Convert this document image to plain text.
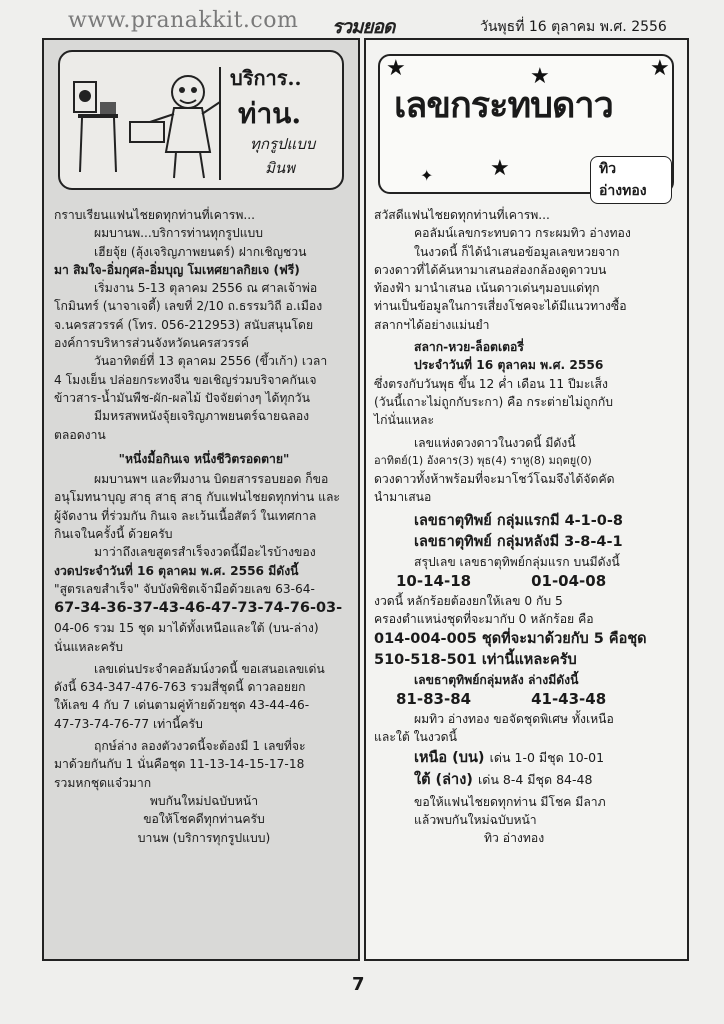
www.pranakkit.com รวมยอด	วันพุธที่ 16 ตุลาคม พ.ศ. 2556
บริการ..
ท่าน.
ทุกรูปแบบ
มินพ

กราบเรียนแฟนไชยดทุกท่านที่เคารพ...

ผมบานพ...บริการท่านทุกรูปแบบ

เฮียจุ้ย (ลุ้งเจริญภาพยนตร์) ฝากเชิญชวน

มา สิมใจ-อิ่มกุศล-อิ่มบุญ โมเหศยาลกิยเจ (ฟรี)

เริ่มงาน 5-13 ตุลาคม 2556 ณ ศาลเจ้าพ่อ

โกมินทร์ (นาจาเจดี้) เลขที่ 2/10 ถ.ธรรมวิถี อ.เมือง

จ.นครสวรรค์ (โทร. 056-212953) สนับสนุนโดย

องค์การบริหารส่วนจังหวัดนครสวรรค์

วันอาทิตย์ที่ 13 ตุลาคม 2556 (ขึ้วเก้า) เวลา

4 โมงเย็น ปล่อยกระทงจีน ขอเชิญร่วมบริจาคกันเจ

ข้าวสาร-น้ำมันพืช-ผัก-ผลไม้ ปัจจัยต่างๆ ได้ทุกวัน

มีมหรสพหนังจุ้ยเจริญภาพยนตร์ฉายฉลอง

ตลอดงาน

"หนึ่งมื้อกินเจ หนึ่งชีวิตรอดตาย"

ผมบานพฯ และทีมงาน บิดยสารรอบยอด ก็ขอ

อนุโมทนาบุญ สาธุ สาธุ สาธุ กับแฟนไชยดทุกท่าน และ

ผู้จัดงาน ที่ร่วมกัน กินเจ ละเว้นเนื้อสัตว์ ในเทศกาล

กินเจในครั้งนี้ ด้วยครับ

มาว่าถึงเลขสูตรสำเร็จงวดนี้มีอะไรบ้างของ

งวดประจำวันที่ 16 ตุลาคม พ.ศ. 2556 มีดังนี้

"สูตรเลขสำเร็จ" จับบังพิชิตเจ้ามือด้วยเลข 63-64-

67-34-36-37-43-46-47-73-74-76-03-

04-06 รวม 15 ชุด มาได้ทั้งเหนือและใต้ (บน-ล่าง)

นั่นแหละครับ

เลขเด่นประจำคอลัมน์งวดนี้ ขอเสนอเลขเด่น

ดังนี้ 634-347-476-763 รวมสี่ชุดนี้ ดาวลอยยก

ให้เลข 4 กับ 7 เด่นตามคู่ท้ายด้วยชุด 43-44-46-

47-73-74-76-77 เท่านี้ครับ

ฤกษ์ล่าง ลองตัวงวดนี้จะต้องมี 1 เลขที่จะ

มาด้วยกันกับ 1 นั่นคือชุด 11-13-14-15-17-18

รวมหกชุดแจ๋วมาก

พบกันใหม่ปฉบับหน้า

ขอให้โชคดีทุกท่านครับ

บานพ (บริการทุกรูปแบบ)

★	★	★
★
✦
เลขกระทบดาว
ทิว อ่างทอง

สวัสดีแฟนไชยดทุกท่านที่เคารพ...

คอลัมน์เลขกระทบดาว กระผมทิว อ่างทอง

ในงวดนี้ ก็ได้นำเสนอข้อมูลเลขหวยจาก

ดวงดาวที่ได้ค้นหามาเสนอส่องกล้องดูดาวบน

ท้องฟ้า มานำเสนอ เน้นดาวเด่นๆมอบแด่ทุก

ท่านเป็นข้อมูลในการเสี่ยงโชคจะได้มีแนวทางซื้อ

สลากฯได้อย่างแม่นยำ

สลาก-หวย-ล็อตเตอรี่

ประจำวันที่ 16 ตุลาคม พ.ศ. 2556

ซึ่งตรงกับวันพุธ ขึ้น 12 ค่ำ เดือน 11 ปีมะเส็ง

(วันนี้เถาะไม่ถูกกับระกา) คือ กระต่ายไม่ถูกกับ

ไก่นั่นแหละ

เลขแห่งดวงดาวในงวดนี้ มีดังนี้

อาทิตย์(1) อังคาร(3) พุธ(4) ราหู(8) มฤตยู(0)

ดวงดาวทั้งห้าพร้อมที่จะมาโชว์โฉมจึงได้จัดคัด

นำมาเสนอ

เลขธาตุทิพย์ กลุ่มแรกมี 4-1-0-8

เลขธาตุทิพย์ กลุ่มหลังมี 3-8-4-1

สรุปเลข เลขธาตุทิพย์กลุ่มแรก บนมีดังนี้

10-14-18	01-04-08

งวดนี้ หลักร้อยต้องยกให้เลข 0 กับ 5

ครองตำแหน่งชุดที่จะมากับ 0 หลักร้อย คือ

014-004-005 ชุดที่จะมาด้วยกับ 5 คือชุด

510-518-501 เท่านี้แหละครับ

เลขธาตุทิพย์กลุ่มหลัง ล่างมีดังนี้

81-83-84	41-43-48

ผมทิว อ่างทอง ขอจัดชุดพิเศษ ทั้งเหนือ

และใต้ ในงวดนี้

เหนือ (บน) เด่น 1-0 มีชุด 10-01

ใต้ (ล่าง) เด่น 8-4 มีชุด 84-48

ขอให้แฟนไชยดทุกท่าน มีโชค มีลาภ

แล้วพบกันใหม่ฉบับหน้า

ทิว อ่างทอง

7
